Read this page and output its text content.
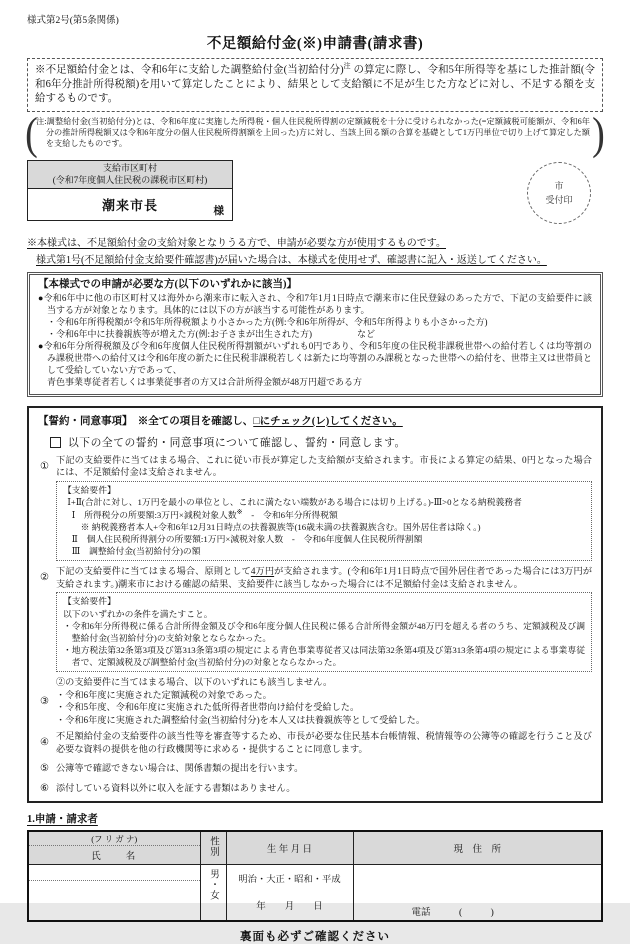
様式第2号(第5条関係)
不足額給付金(※)申請書(請求書)
※不足額給付金とは、令和6年に支給した調整給付金(当初給付分)$^注$ の算定に際し、令和5年所得等を基にした推計額(令和6年分推計所得税額)を用いて算定したことにより、結果として支給額に不足が生じた方などに対し、不足する額を支給するものです。
(
注:調整給付金(当初給付分)とは、令和6年度に実施した所得税・個人住民税所得割の定額減税を十分に受けられなかった(=定額減税可能額が、令和6年分の推計所得税額又は令和6年度分の個人住民税所得割額を上回った)方に対し、当該上回る額の合算を基礎として1万円単位で切り上げて算定した額を支給したものです。	)
支給市区町村
(令和7年度個人住民税の課税市区町村)
潮来市長	様
市
受付印
※本様式は、不足額給付金の支給対象となりうる方で、申請が必要な方が使用するものです。
様式第1号(不足額給付金支給要件確認書)が届いた場合は、本様式を使用せず、確認書に記入・返送してください。
【本様式での申請が必要な方(以下のいずれかに該当)】
●令和6年中に他の市区町村又は海外から潮来市に転入され、令和7年1月1日時点で潮来市に住民登録のあった方で、下記の支給要件に該当する方が対象となります。具体的には以下の方が該当する可能性があります。
・令和6年所得税額が令和5年所得税額より小さかった方(例:令和6年所得が、令和5年所得よりも小さかった方)
・令和6年中に扶養親族等が増えた方(例:お子さまが出生された方)　　　　　など
●令和6年分所得税額及び令和6年度個人住民税所得割額がいずれも0円であり、令和5年度の住民税非課税世帯への給付若しくは均等割のみ課税世帯への給付又は令和6年度の新たに住民税非課税若しくは新たに均等割のみ課税となった世帯への給付を、世帯主又は世帯員として受給していない方であって、
青色事業専従者若しくは事業従事者の方又は合計所得金額が48万円超である方
【誓約・同意事項】　※全ての項目を確認し、□にチェック(レ)してください。
以下の全ての誓約・同意事項について確認し、誓約・同意します。
①
下記の支給要件に当てはまる場合、これに従い市長が算定した支給額が支給されます。市長による算定の結果、0円となった場合には、不足額給付金は支給されません。
【支給要件】
Ⅰ+Ⅱ(合計に対し、1万円を最小の単位とし、これに満たない端数がある場合には切り上げる。)-Ⅲ>0となる納税義務者
Ⅰ　所得税分の所要額:3万円×減税対象人数※　-　令和6年分所得税額
※ 納税義務者本人+令和6年12月31日時点の扶養親族等(16歳未満の扶養親族含む。国外居住者は除く。)
Ⅱ　個人住民税所得割分の所要額:1万円×減税対象人数　-　令和6年度個人住民税所得割額
Ⅲ　調整給付金(当初給付分)の額
②
下記の支給要件に当てはまる場合、原則として4万円が支給されます。(令和6年1月1日時点で国外居住者であった場合には3万円が支給されます。)潮来市における確認の結果、支給要件に該当しなかった場合には不足額給付金は支給されません。
【支給要件】
以下のいずれかの条件を満たすこと。
・令和6年分所得税に係る合計所得金額及び令和6年度分個人住民税に係る合計所得金額が48万円を超える者のうち、定額減税及び調整給付金(当初給付分)の支給対象とならなかった。
・地方税法第32条第3項及び第313条第3項の規定による青色事業専従者又は同法第32条第4項及び第313条第4項の規定による事業専従者で、定額減税及び調整給付金(当初給付分)の対象とならなかった。
③
②の支給要件に当てはまる場合、以下のいずれにも該当しません。
・令和6年度に実施された定額減税の対象であった。
・令和5年度、令和6年度に実施された低所得者世帯向け給付を受給した。
・令和6年度に実施された調整給付金(当初給付分)を本人又は扶養親族等として受給した。
④
不足額給付金の支給要件の該当性等を審査等するため、市長が必要な住民基本台帳情報、税情報等の公簿等の確認を行うこと及び必要な資料の提供を他の行政機関等に求める・提供することに同意します。
⑤ 公簿等で確認できない場合は、関係書類の提出を行います。
⑥ 添付している資料以外に収入を証する書類はありません。
1.申請・請求者
(フ リ ガ ナ)
氏　　名	性別	生 年 月 日	現　住　所

	男・女	明治・大正・昭和・平成
年　　月　　日	電話　　　(　　　)
裏面も必ずご確認ください
